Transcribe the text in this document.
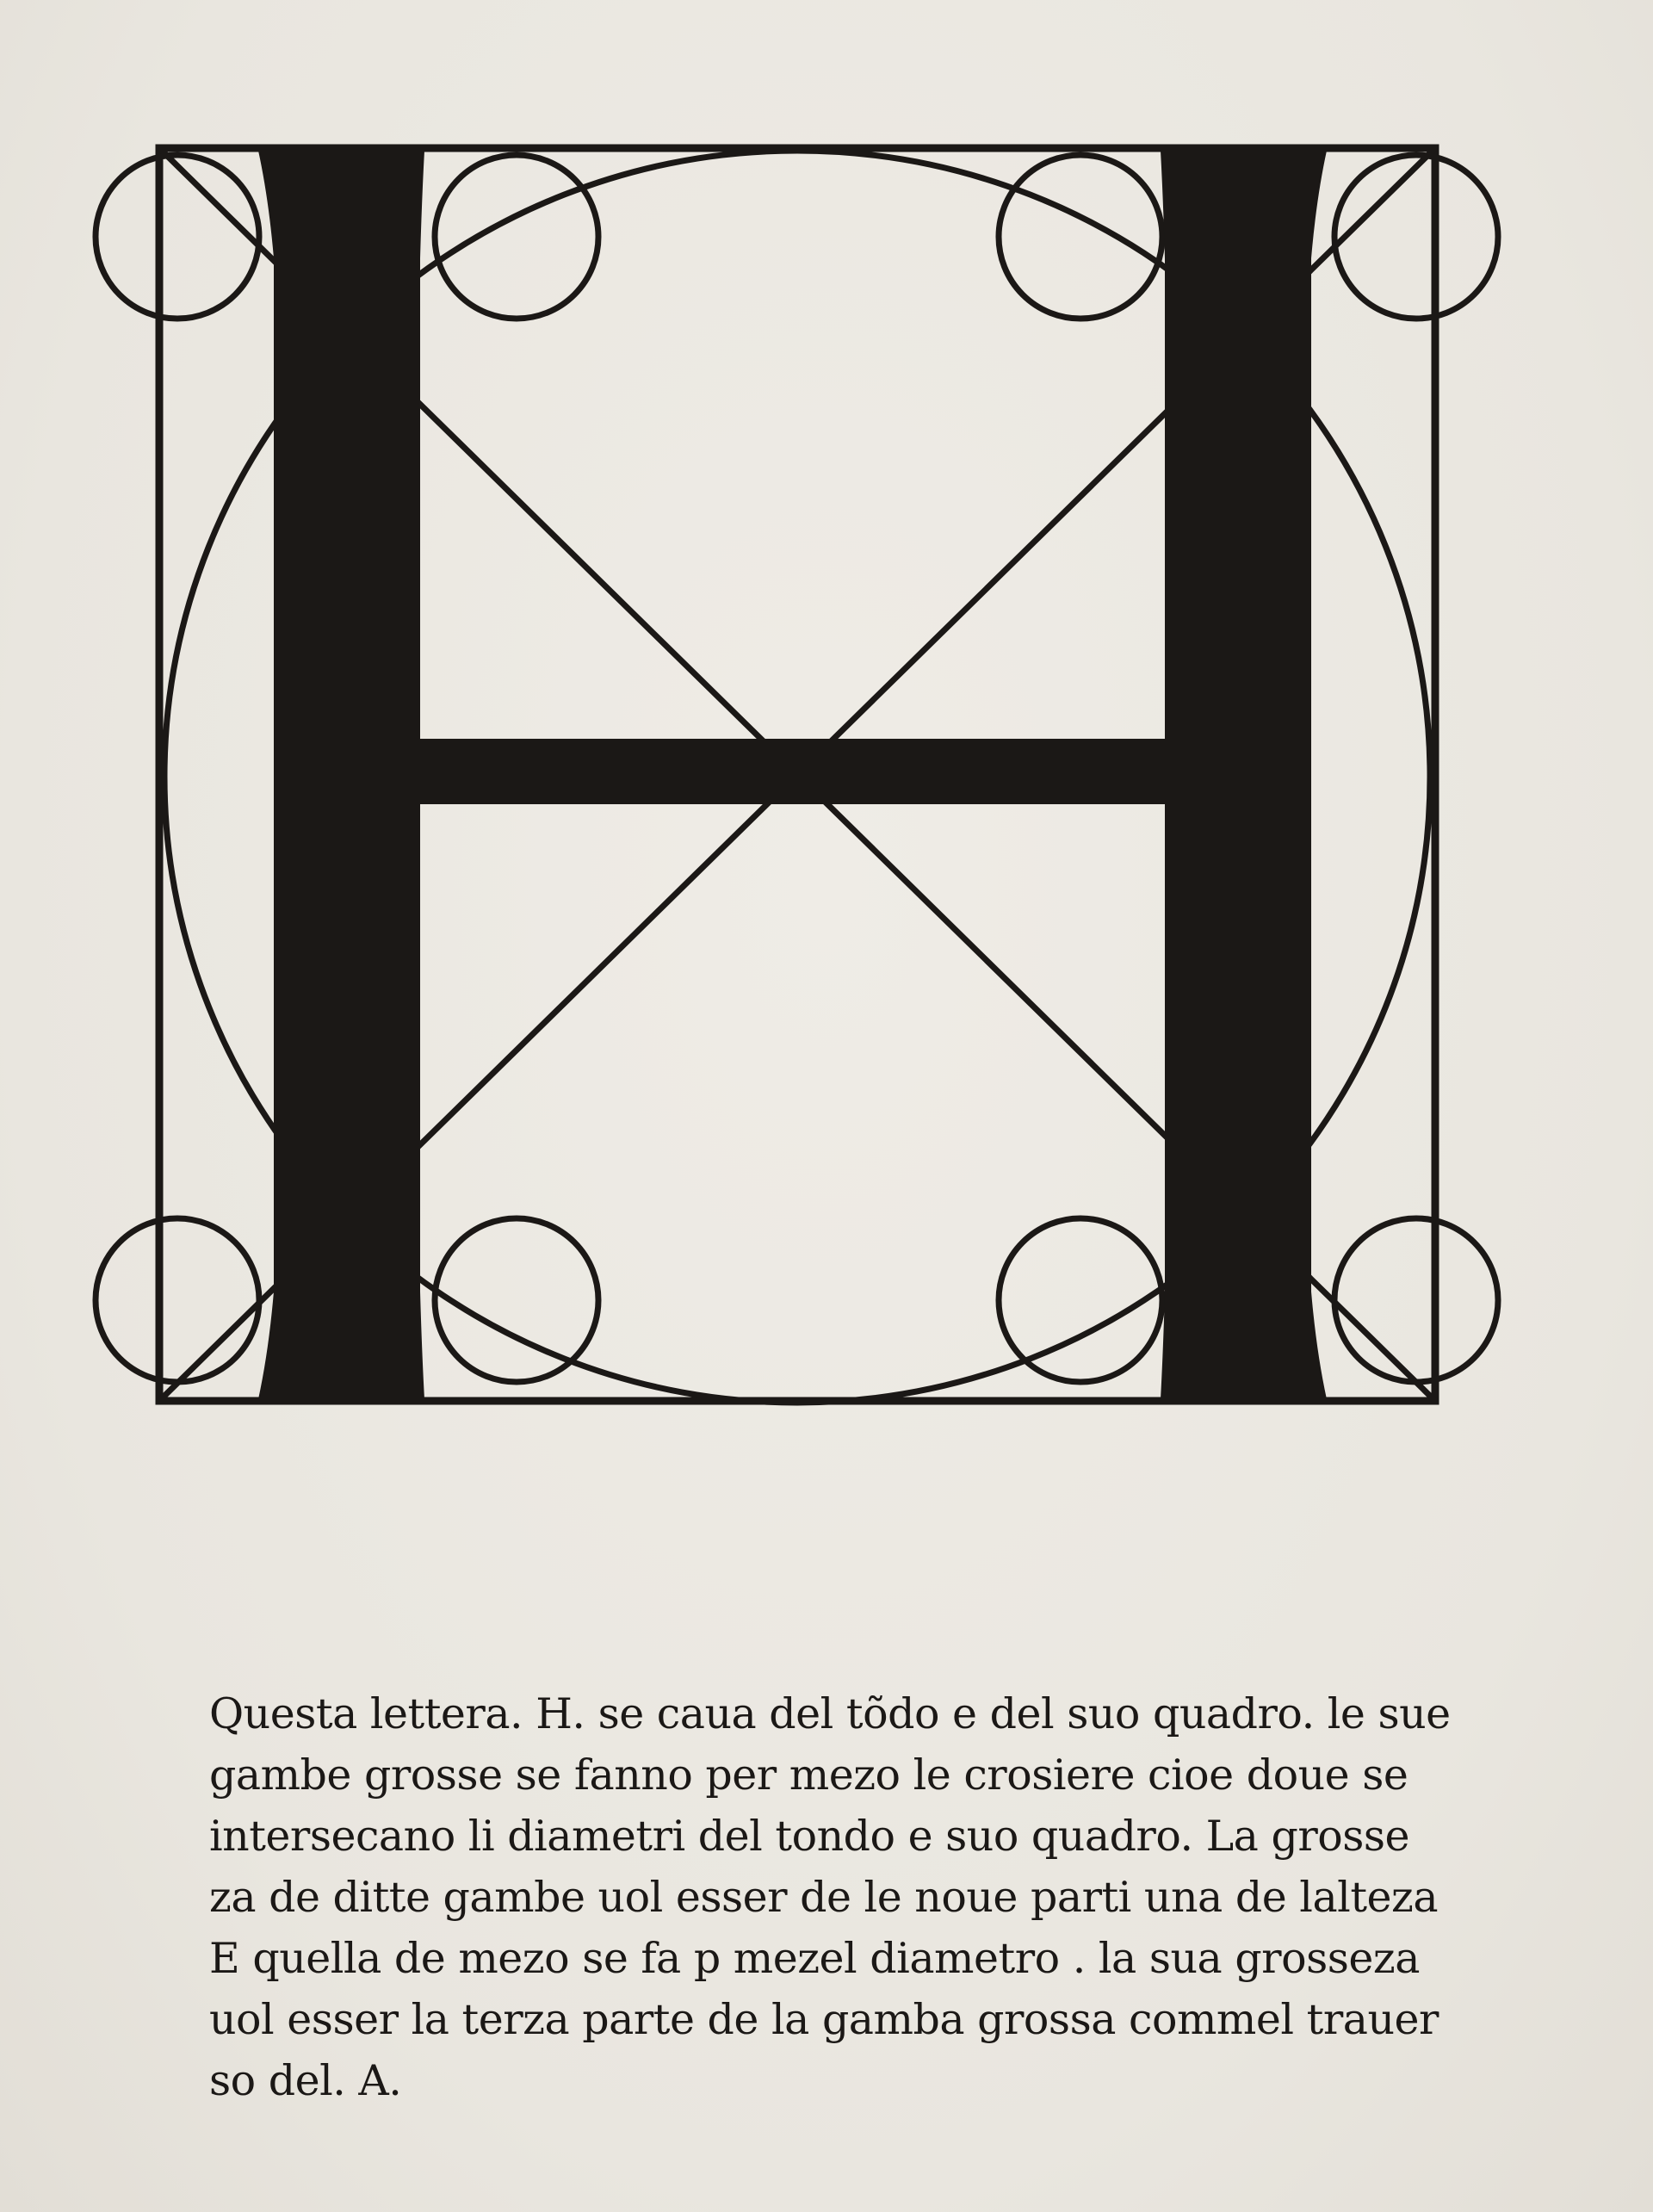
Questa lettera. H. se caua del tõdo e del suo quadro. le sue
gambe grosse se fanno per mezo le crosiere cioe doue se
intersecano li diametri del tondo e suo quadro. La grosse
za de ditte gambe uol esser de le noue parti una de lalteza
E quella de mezo se fa p mezel diametro . la sua grosseza
uol esser la terza parte de la gamba grossa commel trauer
so del. A.
